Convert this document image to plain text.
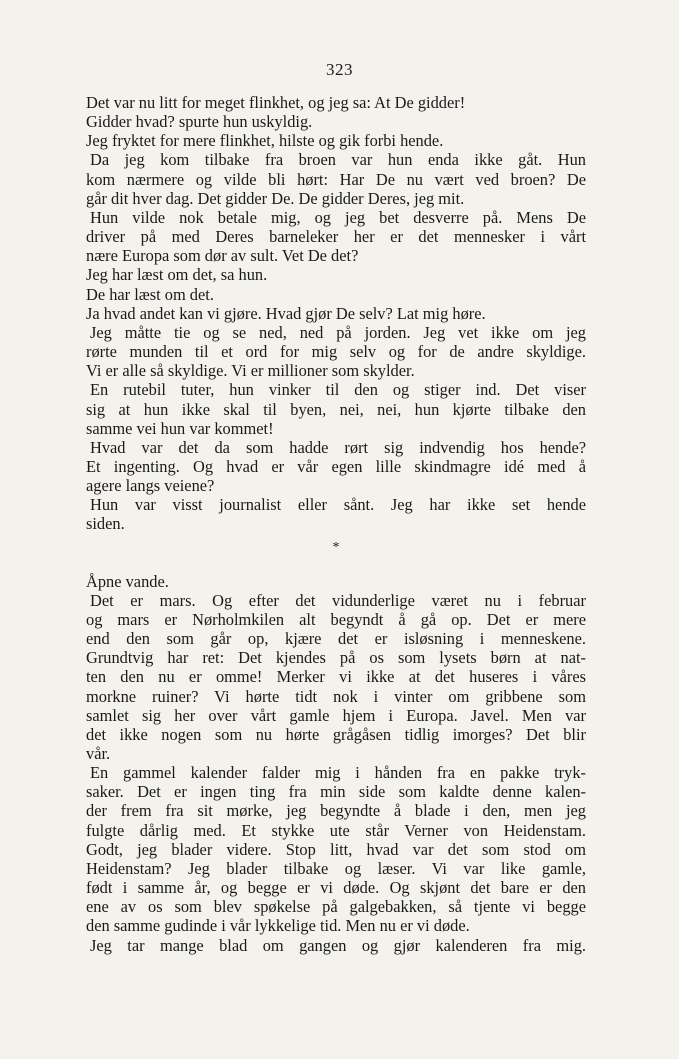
323
Det var nu litt for meget flinkhet, og jeg sa: At De gidder!
Gidder hvad? spurte hun uskyldig.
Jeg fryktet for mere flinkhet, hilste og gik forbi hende.
Da jeg kom tilbake fra broen var hun enda ikke gåt. Hun
kom nærmere og vilde bli hørt: Har De nu vært ved broen? De
går dit hver dag. Det gidder De. De gidder Deres, jeg mit.
Hun vilde nok betale mig, og jeg bet desverre på. Mens De
driver på med Deres barneleker her er det mennesker i vårt
nære Europa som dør av sult. Vet De det?
Jeg har læst om det, sa hun.
De har læst om det.
Ja hvad andet kan vi gjøre. Hvad gjør De selv? Lat mig høre.
Jeg måtte tie og se ned, ned på jorden. Jeg vet ikke om jeg
rørte munden til et ord for mig selv og for de andre skyldige.
Vi er alle så skyldige. Vi er millioner som skylder.
En rutebil tuter, hun vinker til den og stiger ind. Det viser
sig at hun ikke skal til byen, nei, nei, hun kjørte tilbake den
samme vei hun var kommet!
Hvad var det da som hadde rørt sig indvendig hos hende?
Et ingenting. Og hvad er vår egen lille skindmagre idé med å
agere langs veiene?
Hun var visst journalist eller sånt. Jeg har ikke set hende
siden.
*
Åpne vande.
Det er mars. Og efter det vidunderlige været nu i februar
og mars er Nørholmkilen alt begyndt å gå op. Det er mere
end den som går op, kjære det er isløsning i menneskene.
Grundtvig har ret: Det kjendes på os som lysets børn at nat-
ten den nu er omme! Merker vi ikke at det huseres i våres
morkne ruiner? Vi hørte tidt nok i vinter om gribbene som
samlet sig her over vårt gamle hjem i Europa. Javel. Men var
det ikke nogen som nu hørte grågåsen tidlig imorges? Det blir
vår.
En gammel kalender falder mig i hånden fra en pakke tryk-
saker. Det er ingen ting fra min side som kaldte denne kalen-
der frem fra sit mørke, jeg begyndte å blade i den, men jeg
fulgte dårlig med. Et stykke ute står Verner von Heidenstam.
Godt, jeg blader videre. Stop litt, hvad var det som stod om
Heidenstam? Jeg blader tilbake og læser. Vi var like gamle,
født i samme år, og begge er vi døde. Og skjønt det bare er den
ene av os som blev spøkelse på galgebakken, så tjente vi begge
den samme gudinde i vår lykkelige tid. Men nu er vi døde.
Jeg tar mange blad om gangen og gjør kalenderen fra mig.
